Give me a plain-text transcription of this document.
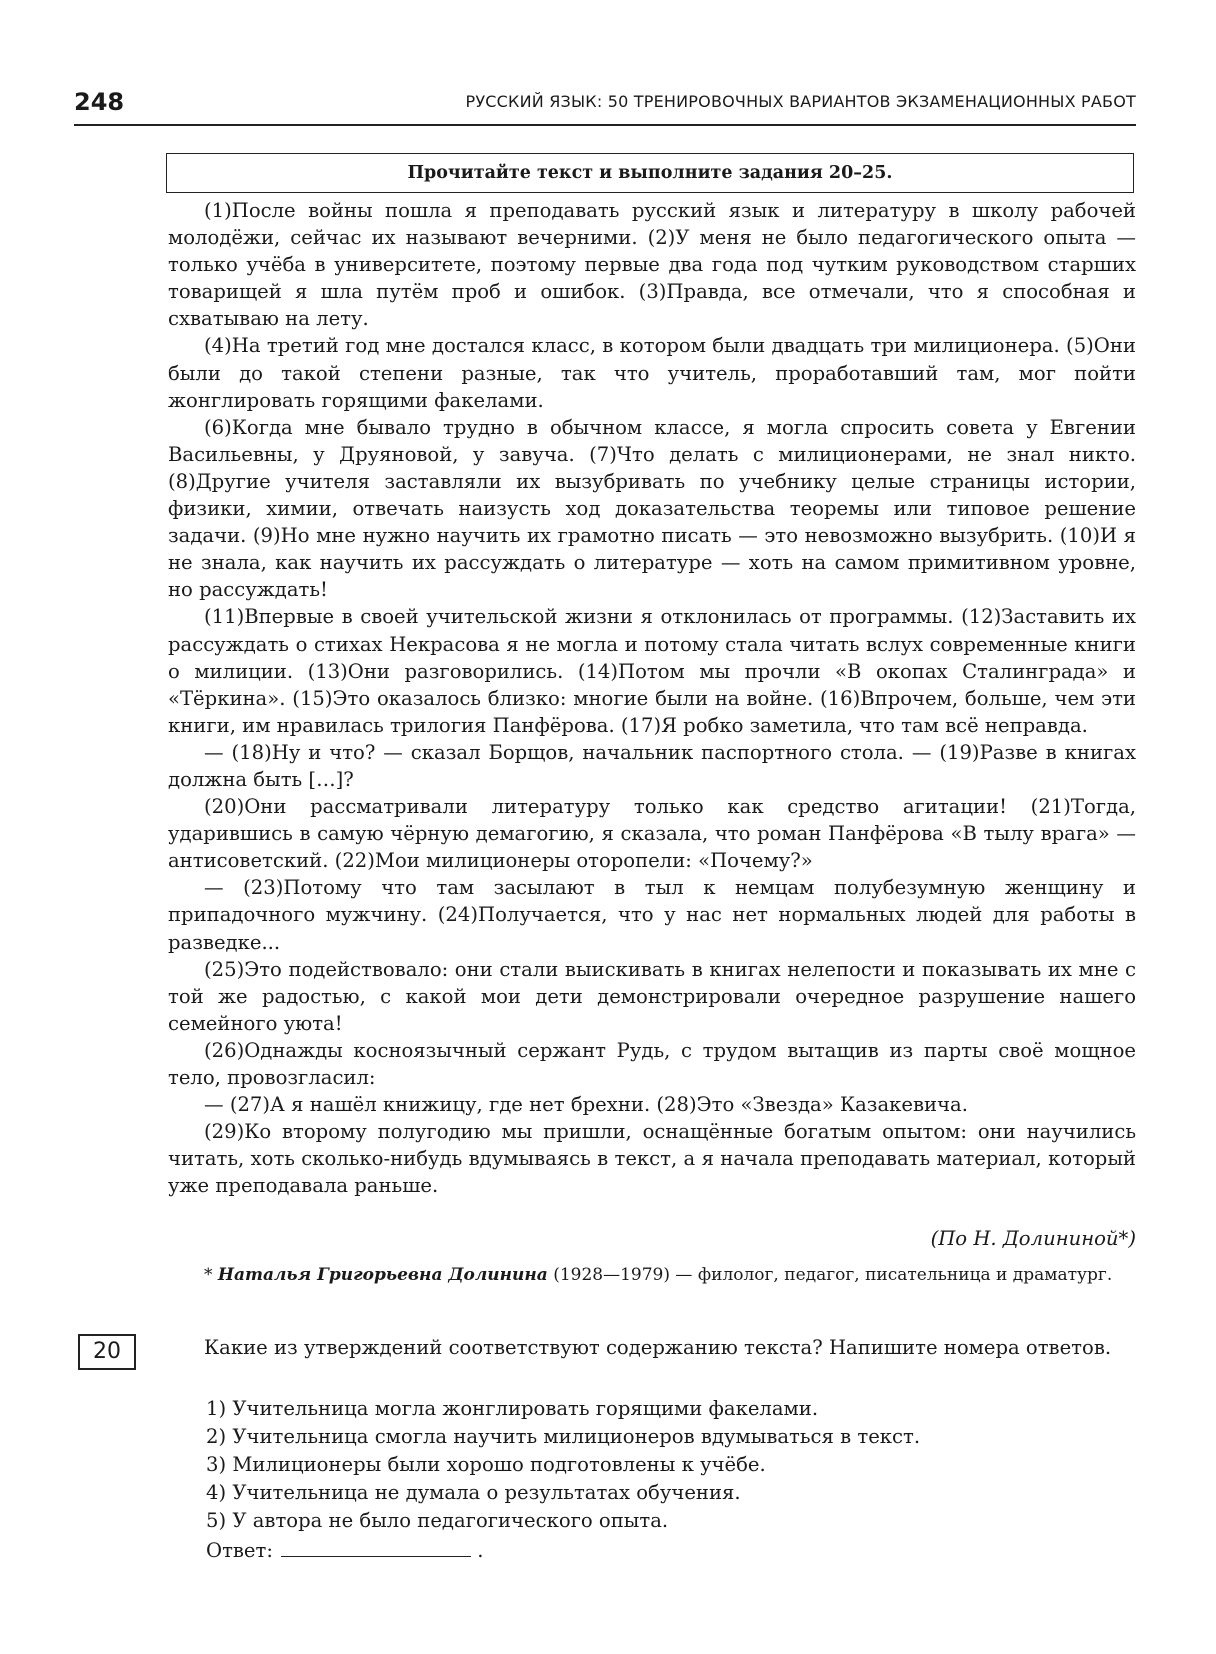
248	РУССКИЙ ЯЗЫК: 50 ТРЕНИРОВОЧНЫХ ВАРИАНТОВ ЭКЗАМЕНАЦИОННЫХ РАБОТ
Прочитайте текст и выполните задания 20–25.

(1)После войны пошла я преподавать русский язык и литературу в школу рабочей молодёжи, сейчас их называют вечерними. (2)У меня не было педагогического опыта — только учёба в университете, поэтому первые два года под чутким руководством старших товарищей я шла путём проб и ошибок. (3)Правда, все отмечали, что я способная и схватываю на лету.

(4)На третий год мне достался класс, в котором были двадцать три милиционера. (5)Они были до такой степени разные, так что учитель, проработавший там, мог пойти жонглировать горящими факелами.

(6)Когда мне бывало трудно в обычном классе, я могла спросить совета у Евгении Васильевны, у Друяновой, у завуча. (7)Что делать с милиционерами, не знал никто. (8)Другие учителя заставляли их вызубривать по учебнику целые страницы истории, физики, химии, отвечать наизусть ход доказательства теоремы или типовое решение задачи. (9)Но мне нужно научить их грамотно писать — это невозможно вызубрить. (10)И я не знала, как научить их рассуждать о литературе — хоть на самом примитивном уровне, но рассуждать!

(11)Впервые в своей учительской жизни я отклонилась от программы. (12)Заставить их рассуждать о стихах Некрасова я не могла и потому стала читать вслух современные книги о милиции. (13)Они разговорились. (14)Потом мы прочли «В окопах Сталинграда» и «Тёркина». (15)Это оказалось близко: многие были на войне. (16)Впрочем, больше, чем эти книги, им нравилась трилогия Панфёрова. (17)Я робко заметила, что там всё неправда.

— (18)Ну и что? — сказал Борщов, начальник паспортного стола. — (19)Разве в книгах должна быть […]?

(20)Они рассматривали литературу только как средство агитации! (21)Тогда, ударившись в самую чёрную демагогию, я сказала, что роман Панфёрова «В тылу врага» — антисоветский. (22)Мои милиционеры оторопели: «Почему?»

— (23)Потому что там засылают в тыл к немцам полубезумную женщину и припадочного мужчину. (24)Получается, что у нас нет нормальных людей для работы в разведке...

(25)Это подействовало: они стали выискивать в книгах нелепости и показывать их мне с той же радостью, с какой мои дети демонстрировали очередное разрушение нашего семейного уюта!

(26)Однажды косноязычный сержант Рудь, с трудом вытащив из парты своё мощное тело, провозгласил:

— (27)А я нашёл книжицу, где нет брехни. (28)Это «Звезда» Казакевича.

(29)Ко второму полугодию мы пришли, оснащённые богатым опытом: они научились читать, хоть сколько-нибудь вдумываясь в текст, а я начала преподавать материал, который уже преподавала раньше.

(По Н. Долининой*)
* Наталья Григорьевна Долинина (1928—1979) — филолог, педагог, писательница и драматург.
20	Какие из утверждений соответствуют содержанию текста? Напишите номера ответов.
1) Учительница могла жонглировать горящими факелами.
2) Учительница смогла научить милиционеров вдумываться в текст.
3) Милиционеры были хорошо подготовлены к учёбе.
4) Учительница не думала о результатах обучения.
5) У автора не было педагогического опыта.
Ответ:	.
